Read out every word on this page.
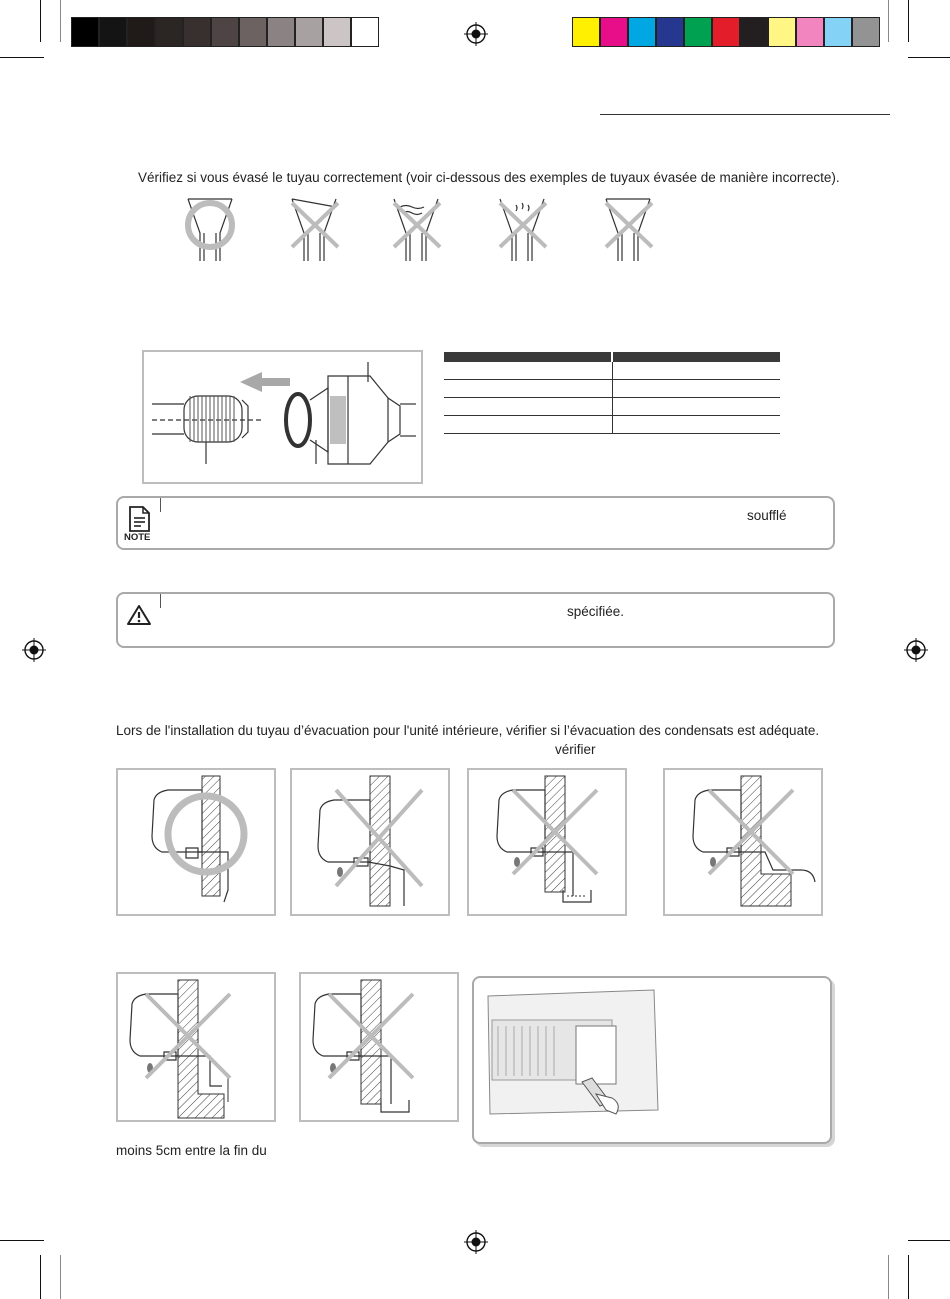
Vérifiez si vous évasé le tuyau correctement (voir ci-dessous des exemples de tuyaux évasée de manière incorrecte).

NOTE
soufflé
spécifiée.
Lors de l'installation du tuyau d’évacuation pour l'unité intérieure, vérifier si l’évacuation des condensats est adéquate.
vérifier
moins 5cm entre la fin du
